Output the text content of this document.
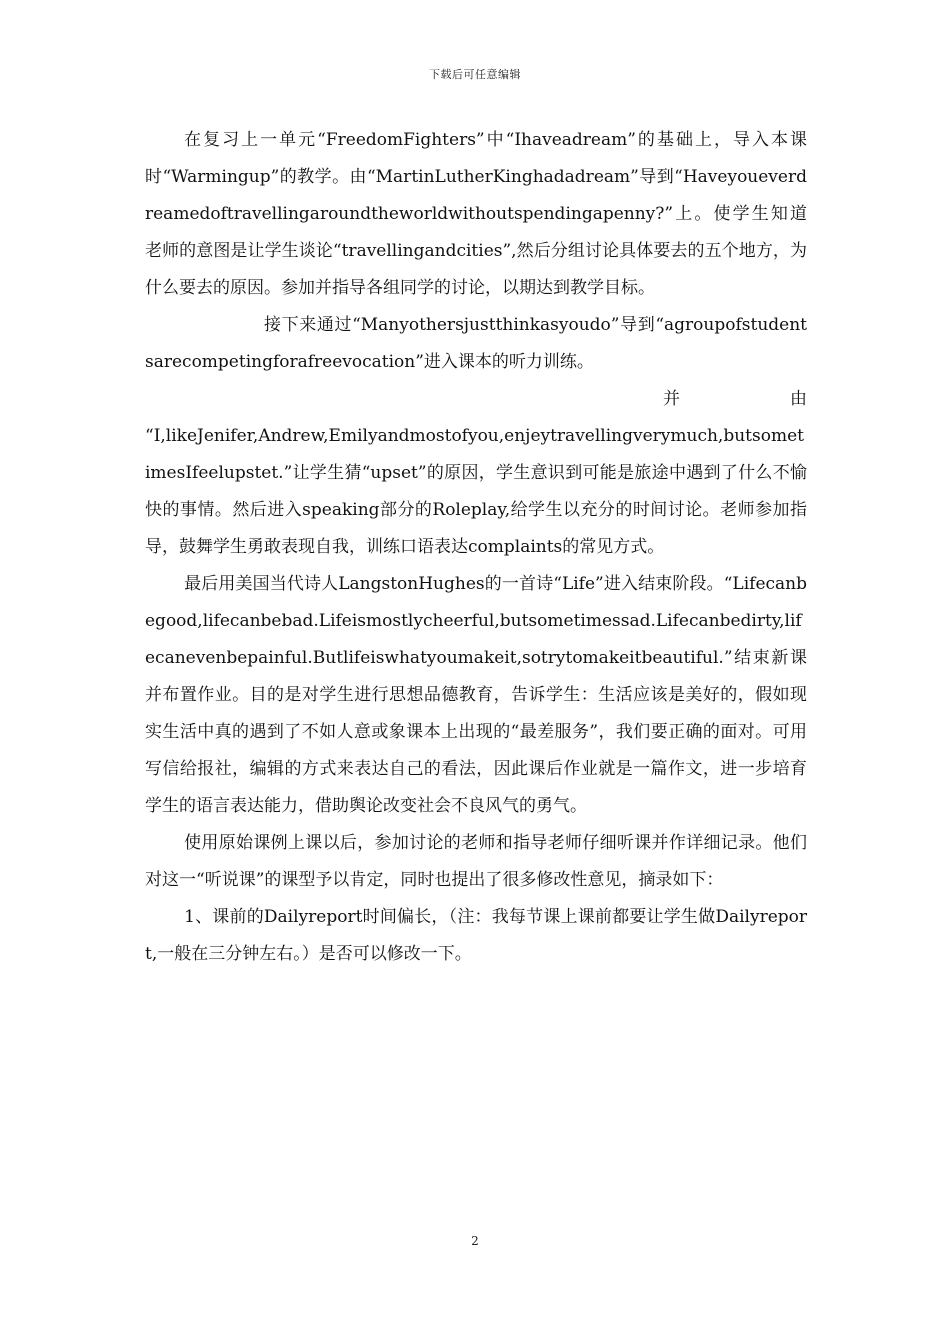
下载后可任意编辑

在复习上一单元“FreedomFighters”中“Ihaveadream”的基础上，导入本课时“Warmingup”的教学。由“MartinLutherKinghadadream”导到“Haveyoueverdreamedoftravellingaroundtheworldwithoutspendingapenny?”上。使学生知道老师的意图是让学生谈论“travellingandcities”,然后分组讨论具体要去的五个地方，为什么要去的原因。参加并指导各组同学的讨论，以期达到教学目标。

接下来通过“Manyothersjustthinkasyoudo”导到“agroupofstudentsarecompetingforafreevocation”进入课本的听力训练。

并	由

“I,likeJenifer,Andrew,Emilyandmostofyou,enjeytravellingverymuch,butsometimesIfeelupstet.”让学生猜“upset”的原因，学生意识到可能是旅途中遇到了什么不愉快的事情。然后进入speaking部分的Roleplay,给学生以充分的时间讨论。老师参加指导，鼓舞学生勇敢表现自我，训练口语表达complaints的常见方式。

最后用美国当代诗人LangstonHughes的一首诗“Life”进入结束阶段。“Lifecanbegood,lifecanbebad.Lifeismostlycheerful,butsometimessad.Lifecanbedirty,lifecanevenbepainful.Butlifeiswhatyoumakeit,sotrytomakeitbeautiful.”结束新课并布置作业。目的是对学生进行思想品德教育，告诉学生：生活应该是美好的，假如现实生活中真的遇到了不如人意或象课本上出现的“最差服务”，我们要正确的面对。可用写信给报社，编辑的方式来表达自己的看法，因此课后作业就是一篇作文，进一步培育学生的语言表达能力，借助舆论改变社会不良风气的勇气。

使用原始课例上课以后，参加讨论的老师和指导老师仔细听课并作详细记录。他们对这一“听说课”的课型予以肯定，同时也提出了很多修改性意见，摘录如下：

1、课前的Dailyreport时间偏长，（注：我每节课上课前都要让学生做Dailyreport,一般在三分钟左右。）是否可以修改一下。

2
